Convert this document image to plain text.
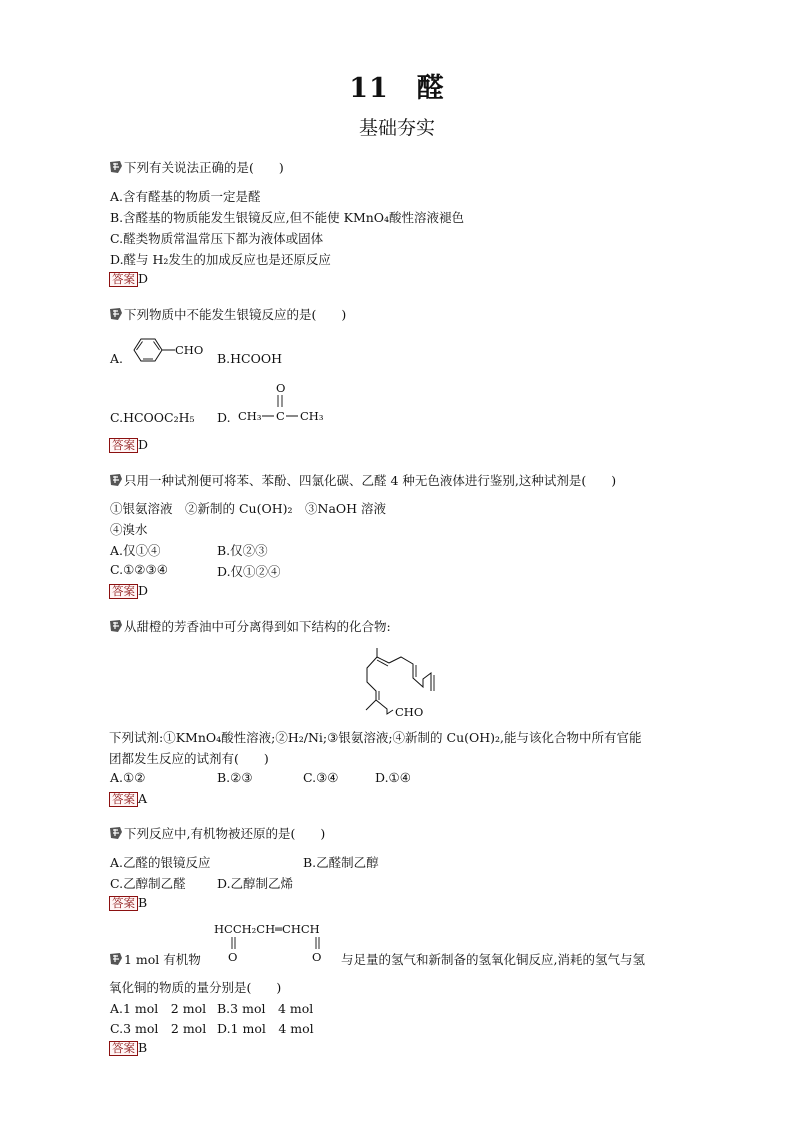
11　醛
基础夯实
下列有关说法正确的是(　　)
A.含有醛基的物质一定是醛
B.含醛基的物质能发生银镜反应,但不能使 KMnO₄酸性溶液褪色
C.醛类物质常温常压下都为液体或固体
D.醛与 H₂发生的加成反应也是还原反应
答案 D
下列物质中不能发生银镜反应的是(　　)
A.
CHO
B.HCOOH
C.HCOOC₂H₅ D.
O
CH₃ C CH₃
答案 D
只用一种试剂便可将苯、苯酚、四氯化碳、乙醛 4 种无色液体进行鉴别,这种试剂是(　　)
①银氨溶液　②新制的 Cu(OH)₂　③NaOH 溶液
④溴水
A.仅①④	B.仅②③
C.①②③④	D.仅①②④
答案 D
从甜橙的芳香油中可分离得到如下结构的化合物:
CHO
下列试剂:①KMnO₄酸性溶液;②H₂/Ni;③银氨溶液;④新制的 Cu(OH)₂,能与该化合物中所有官能
团都发生反应的试剂有(　　)
A.①②	B.②③	C.③④	D.①④
答案 A
下列反应中,有机物被还原的是(　　)
A.乙醛的银镜反应	B.乙醛制乙醇
C.乙醇制乙醛	D.乙醇制乙烯
答案 B
HCCH₂CH═CHCH
O	O
1 mol 有机物	与足量的氢气和新制备的氢氧化铜反应,消耗的氢气与氢
氧化铜的物质的量分别是(　　)
A.1 mol　2 mol B.3 mol　4 mol
C.3 mol　2 mol D.1 mol　4 mol
答案 B
